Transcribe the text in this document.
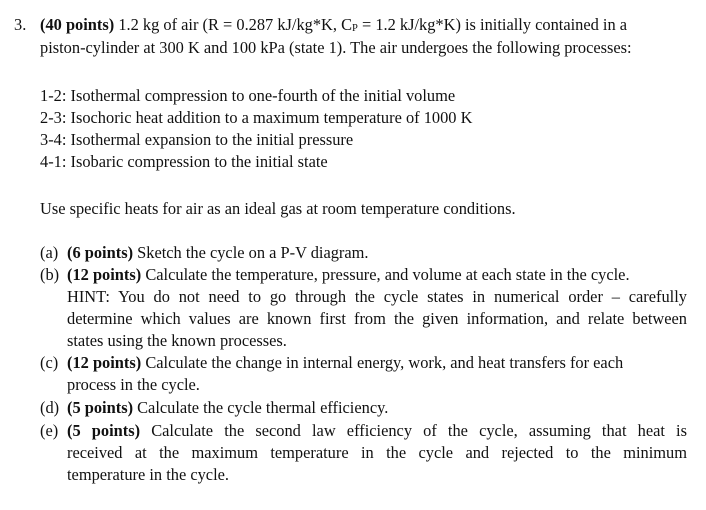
3. (40 points) 1.2 kg of air (R = 0.287 kJ/kg*K, CP = 1.2 kJ/kg*K) is initially contained in a
piston-cylinder at 300 K and 100 kPa (state 1). The air undergoes the following processes:
1-2: Isothermal compression to one-fourth of the initial volume
2-3: Isochoric heat addition to a maximum temperature of 1000 K
3-4: Isothermal expansion to the initial pressure
4-1: Isobaric compression to the initial state
Use specific heats for air as an ideal gas at room temperature conditions.
(a) (6 points) Sketch the cycle on a P-V diagram.
(b) (12 points) Calculate the temperature, pressure, and volume at each state in the cycle.
HINT: You do not need to go through the cycle states in numerical order – carefully
determine which values are known first from the given information, and relate between
states using the known processes.
(c) (12 points) Calculate the change in internal energy, work, and heat transfers for each
process in the cycle.
(d) (5 points) Calculate the cycle thermal efficiency.
(e) (5 points) Calculate the second law efficiency of the cycle, assuming that heat is
received at the maximum temperature in the cycle and rejected to the minimum
temperature in the cycle.
